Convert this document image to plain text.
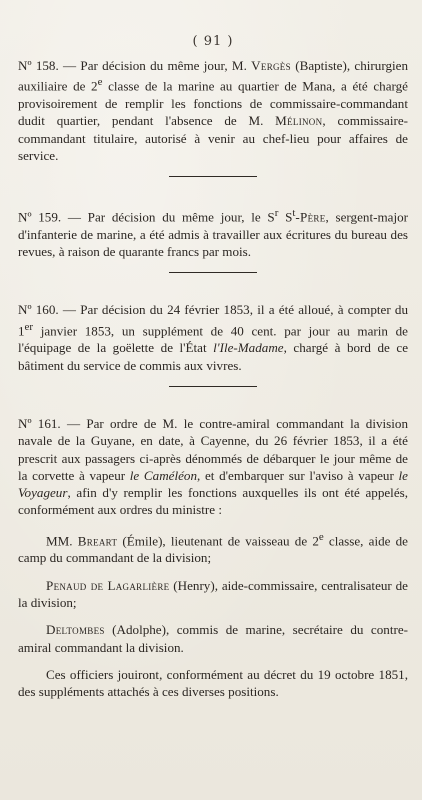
( 91 )

Nº 158. — Par décision du même jour, M. Vergès (Baptiste), chirurgien auxiliaire de 2e classe de la marine au quartier de Mana, a été chargé provisoirement de remplir les fonctions de commissaire-commandant dudit quartier, pendant l'absence de M. Mélinon, commissaire-commandant titulaire, autorisé à venir au chef-lieu pour affaires de service.

Nº 159. — Par décision du même jour, le $S^r$ $S^t$-Père, sergent-major d'infanterie de marine, a été admis à travailler aux écritures du bureau des revues, à raison de quarante francs par mois.

Nº 160. — Par décision du 24 février 1853, il a été alloué, à compter du 1er janvier 1853, un supplément de 40 cent. par jour au marin de l'équipage de la goëlette de l'État l'Ile-Madame, chargé à bord de ce bâtiment du service de commis aux vivres.

Nº 161. — Par ordre de M. le contre-amiral commandant la division navale de la Guyane, en date, à Cayenne, du 26 février 1853, il a été prescrit aux passagers ci-après dénommés de débarquer le jour même de la corvette à vapeur le Caméléon, et d'embarquer sur l'aviso à vapeur le Voyageur, afin d'y remplir les fonctions auxquelles ils ont été appelés, conformément aux ordres du ministre :

MM. Breart (Émile), lieutenant de vaisseau de 2e classe, aide de camp du commandant de la division;

Penaud de Lagarlière (Henry), aide-commissaire, centralisateur de la division;

Deltombes (Adolphe), commis de marine, secrétaire du contre-amiral commandant la division.

Ces officiers jouiront, conformément au décret du 19 octobre 1851, des suppléments attachés à ces diverses positions.
